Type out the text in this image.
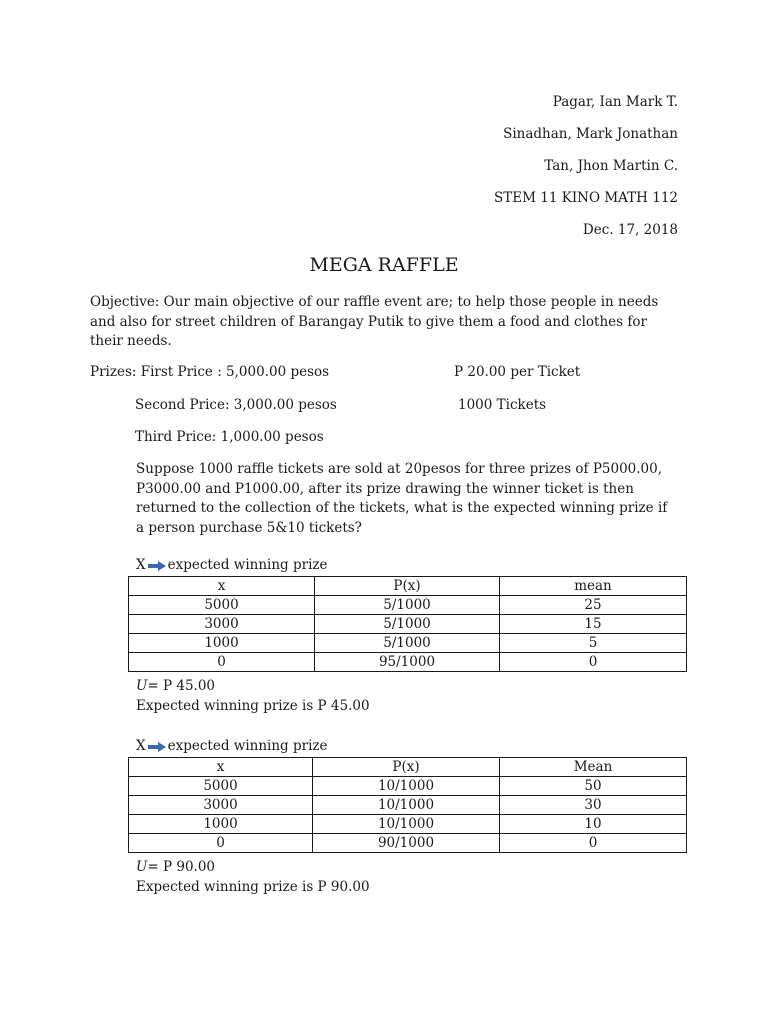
Pagar, Ian Mark T.
Sinadhan, Mark Jonathan
Tan, Jhon Martin C.
STEM 11 KINO MATH 112
Dec. 17, 2018
MEGA RAFFLE
Objective: Our main objective of our raffle event are; to help those people in needs and also for street children of Barangay Putik to give them a food and clothes for their needs.
Prizes: First Price : 5,000.00 pesos	P 20.00 per Ticket
Second Price: 3,000.00 pesos	1000 Tickets
Third Price: 1,000.00 pesos
Suppose 1000 raffle tickets are sold at 20pesos for three prizes of P5000.00, P3000.00 and P1000.00, after its prize drawing the winner ticket is then returned to the collection of the tickets, what is the expected winning prize if a person purchase 5&10 tickets?
X expected winning prize
x	P(x)	mean
5000	5/1000	25
3000	5/1000	15
1000	5/1000	5
0	95/1000	0
U= P 45.00
Expected winning prize is P 45.00
X expected winning prize
x	P(x)	Mean
5000	10/1000	50
3000	10/1000	30
1000	10/1000	10
0	90/1000	0
U= P 90.00
Expected winning prize is P 90.00
